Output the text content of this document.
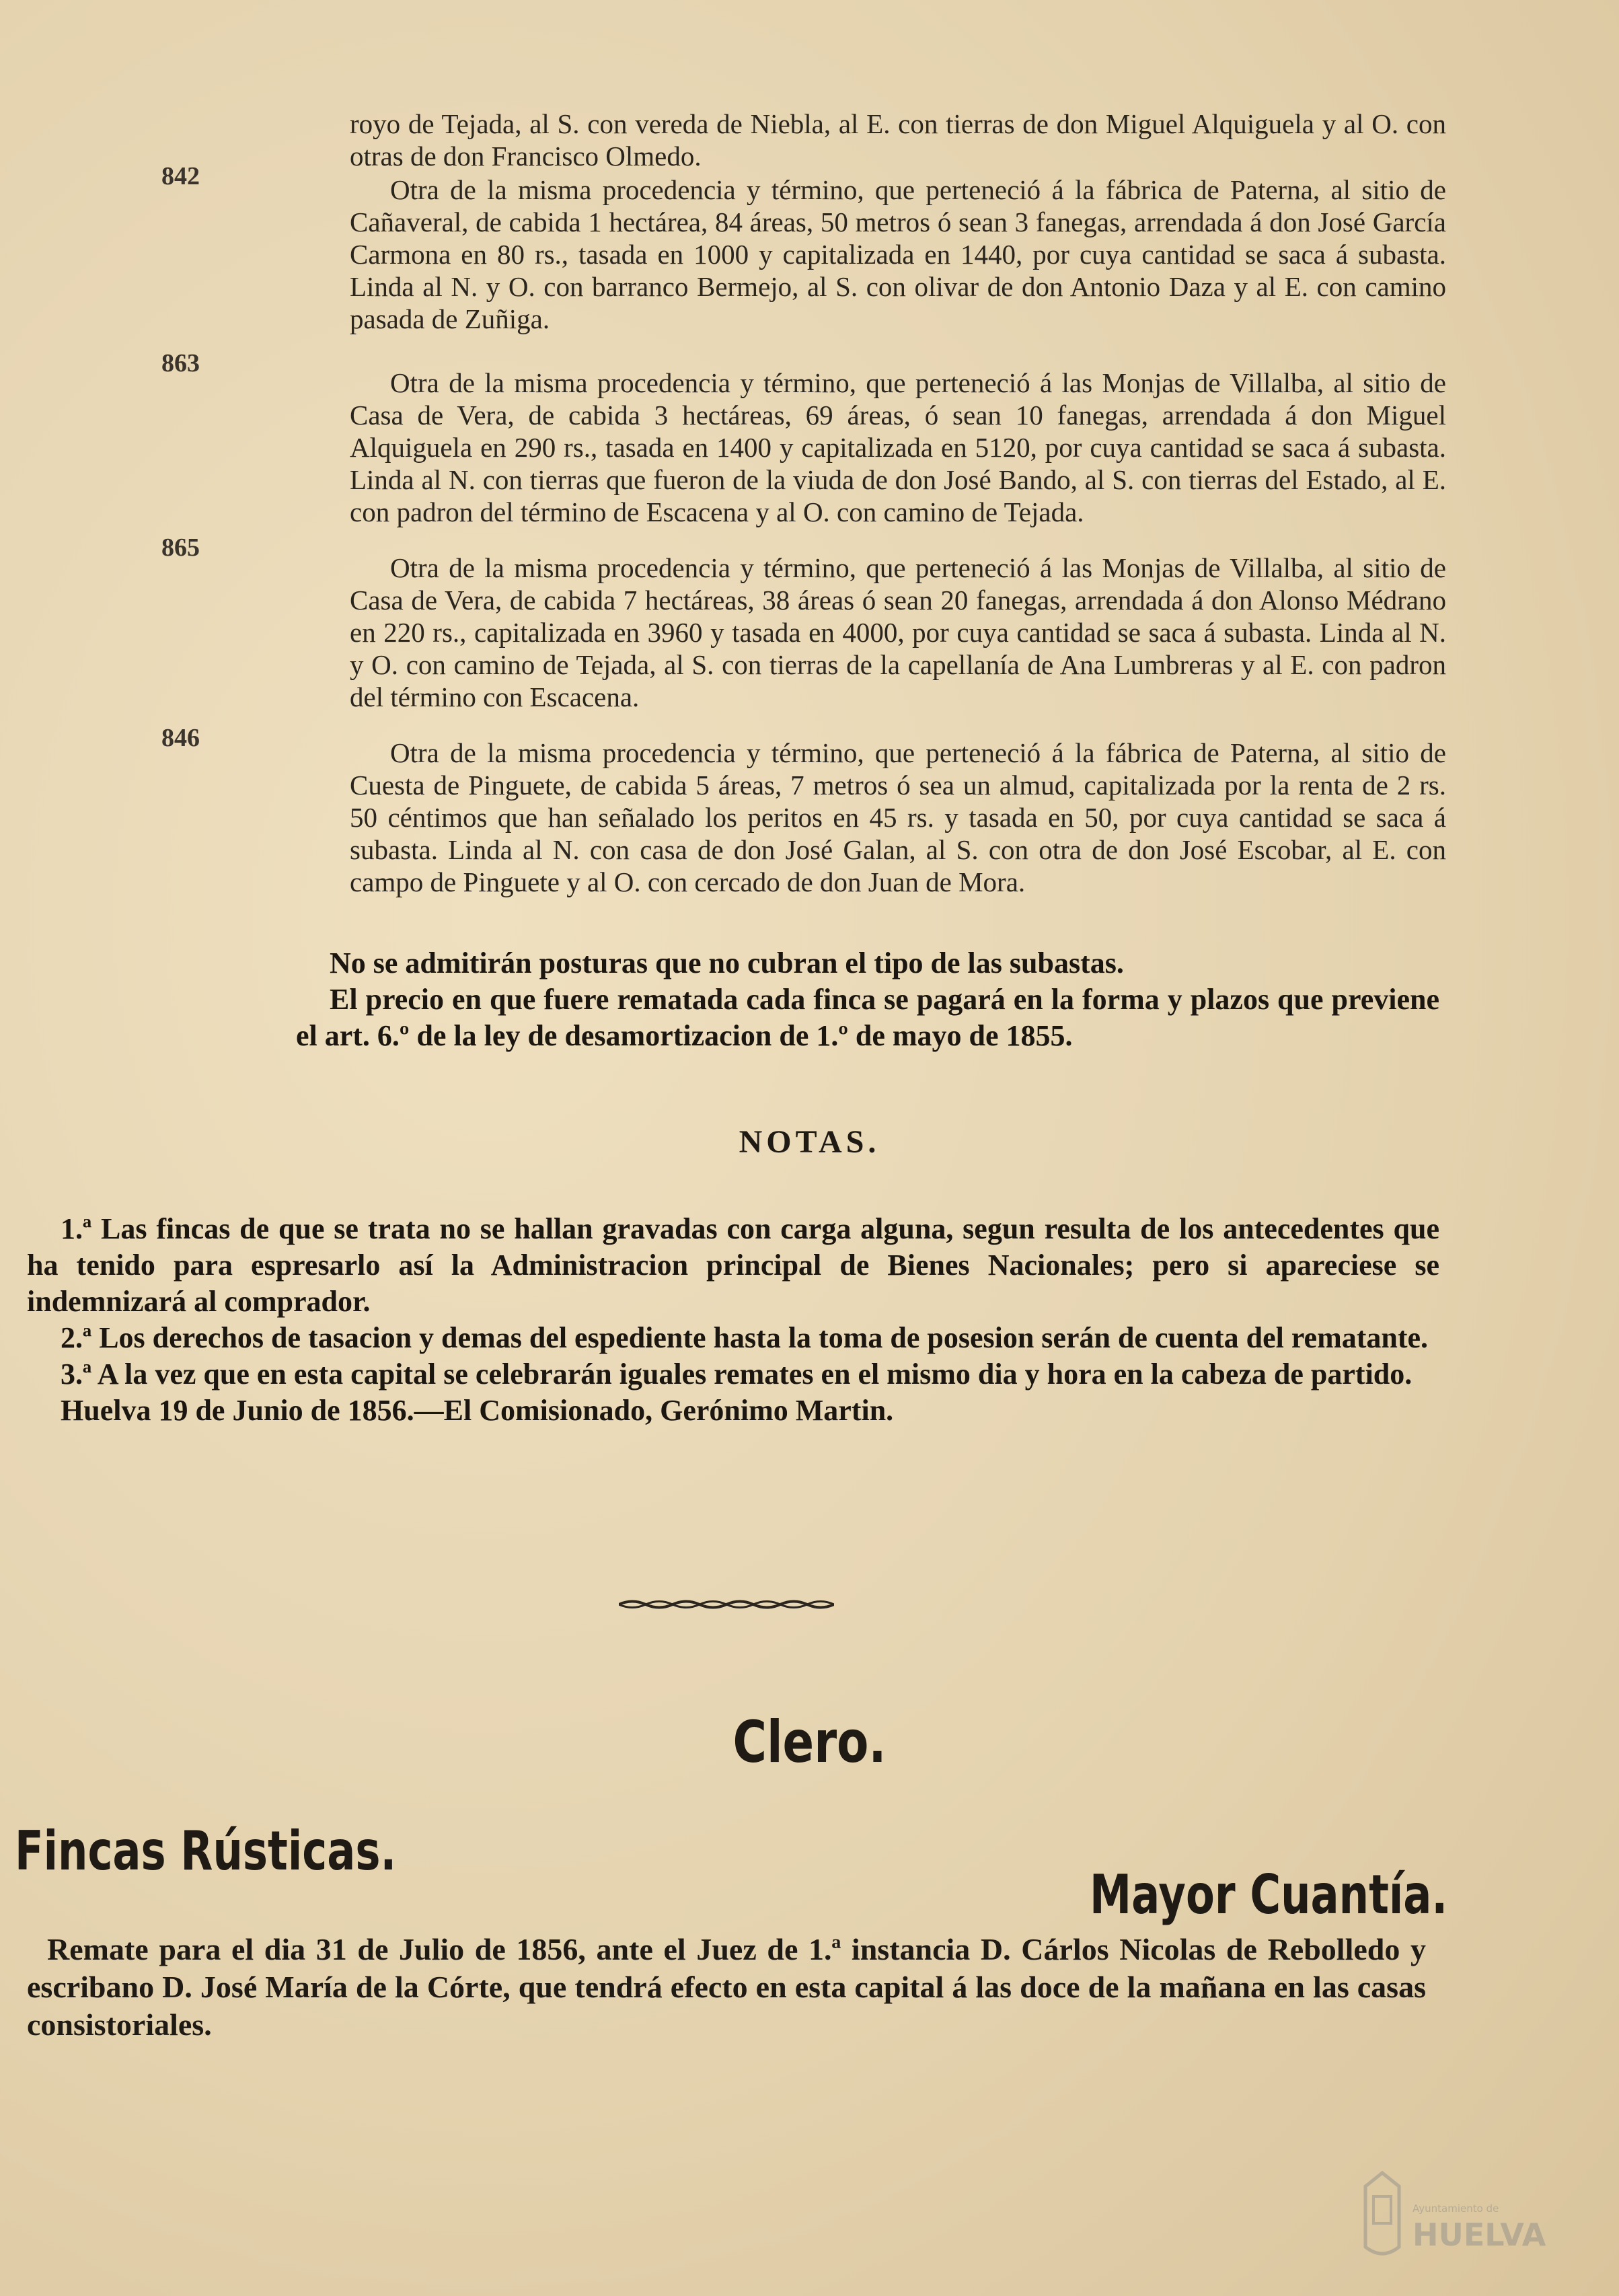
842
royo de Tejada, al S. con vereda de Niebla, al E. con tierras de don Miguel Alquiguela y al O. con otras de don Francisco Olmedo.
863
Otra de la misma procedencia y término, que perteneció á la fábrica de Paterna, al sitio de Cañaveral, de cabida 1 hectárea, 84 áreas, 50 metros ó sean 3 fanegas, arrendada á don José García Carmona en 80 rs., tasada en 1000 y capitalizada en 1440, por cuya cantidad se saca á subasta. Linda al N. y O. con barranco Bermejo, al S. con olivar de don Antonio Daza y al E. con camino pasada de Zuñiga.
865
Otra de la misma procedencia y término, que perteneció á las Monjas de Villalba, al sitio de Casa de Vera, de cabida 3 hectáreas, 69 áreas, ó sean 10 fanegas, arrendada á don Miguel Alquiguela en 290 rs., tasada en 1400 y capitalizada en 5120, por cuya cantidad se saca á subasta. Linda al N. con tierras que fueron de la viuda de don José Bando, al S. con tierras del Estado, al E. con padron del término de Escacena y al O. con camino de Tejada.
846
Otra de la misma procedencia y término, que perteneció á las Monjas de Villalba, al sitio de Casa de Vera, de cabida 7 hectáreas, 38 áreas ó sean 20 fanegas, arrendada á don Alonso Médrano en 220 rs., capitalizada en 3960 y tasada en 4000, por cuya cantidad se saca á subasta. Linda al N. y O. con camino de Tejada, al S. con tierras de la capellanía de Ana Lumbreras y al E. con padron del término con Escacena.
Otra de la misma procedencia y término, que perteneció á la fábrica de Paterna, al sitio de Cuesta de Pinguete, de cabida 5 áreas, 7 metros ó sea un almud, capitalizada por la renta de 2 rs. 50 céntimos que han señalado los peritos en 45 rs. y tasada en 50, por cuya cantidad se saca á subasta. Linda al N. con casa de don José Galan, al S. con otra de don José Escobar, al E. con campo de Pinguete y al O. con cercado de don Juan de Mora.

No se admitirán posturas que no cubran el tipo de las subastas.

El precio en que fuere rematada cada finca se pagará en la forma y plazos que previene el art. 6.º de la ley de desamortizacion de 1.º de mayo de 1855.

NOTAS.

1.ª Las fincas de que se trata no se hallan gravadas con carga alguna, segun resulta de los antecedentes que ha tenido para espresarlo así la Administracion principal de Bienes Nacionales; pero si apareciese se indemnizará al comprador.

2.ª Los derechos de tasacion y demas del espediente hasta la toma de posesion serán de cuenta del rematante.

3.ª A la vez que en esta capital se celebrarán iguales remates en el mismo dia y hora en la cabeza de partido.

Huelva 19 de Junio de 1856.—El Comisionado, Gerónimo Martin.

Clero.
Fincas Rústicas.
Mayor Cuantía.
Remate para el dia 31 de Julio de 1856, ante el Juez de 1.ª instancia D. Cárlos Nicolas de Rebolledo y escribano D. José María de la Córte, que tendrá efecto en esta capital á las doce de la mañana en las casas consistoriales.
Ayuntamiento de
HUELVA
